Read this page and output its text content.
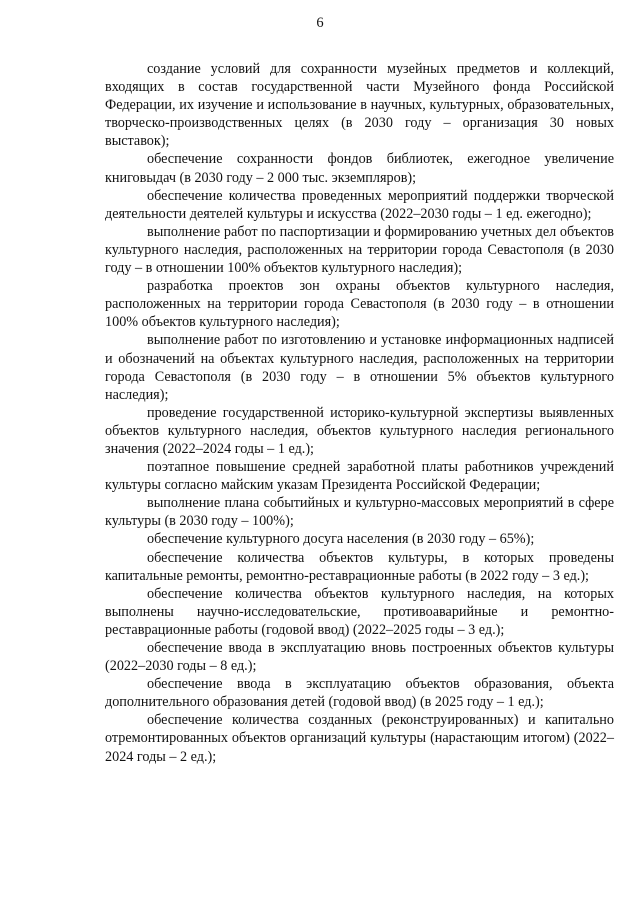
6

создание условий для сохранности музейных предметов и коллекций, входящих в состав государственной части Музейного фонда Российской Федерации, их изучение и использование в научных, культурных, образовательных, творческо-производственных целях (в 2030 году – организация 30 новых выставок);

обеспечение сохранности фондов библиотек, ежегодное увеличение книговыдач (в 2030 году – 2 000 тыс. экземпляров);

обеспечение количества проведенных мероприятий поддержки творческой деятельности деятелей культуры и искусства (2022–2030 годы – 1 ед. ежегодно);

выполнение работ по паспортизации и формированию учетных дел объектов культурного наследия, расположенных на территории города Севастополя (в 2030 году – в отношении 100% объектов культурного наследия);

разработка проектов зон охраны объектов культурного наследия, расположенных на территории города Севастополя (в 2030 году – в отношении 100% объектов культурного наследия);

выполнение работ по изготовлению и установке информационных надписей и обозначений на объектах культурного наследия, расположенных на территории города Севастополя (в 2030 году – в отношении 5% объектов культурного наследия);

проведение государственной историко-культурной экспертизы выявленных объектов культурного наследия, объектов культурного наследия регионального значения (2022–2024 годы – 1 ед.);

поэтапное повышение средней заработной платы работников учреждений культуры согласно майским указам Президента Российской Федерации;

выполнение плана событийных и культурно-массовых мероприятий в сфере культуры (в 2030 году – 100%);

обеспечение культурного досуга населения (в 2030 году – 65%);

обеспечение количества объектов культуры, в которых проведены капитальные ремонты, ремонтно-реставрационные работы (в 2022 году – 3 ед.);

обеспечение количества объектов культурного наследия, на которых выполнены научно-исследовательские, противоаварийные и ремонтно-реставрационные работы (годовой ввод) (2022–2025 годы – 3 ед.);

обеспечение ввода в эксплуатацию вновь построенных объектов культуры (2022–2030 годы – 8 ед.);

обеспечение ввода в эксплуатацию объектов образования, объекта дополнительного образования детей (годовой ввод) (в 2025 году – 1 ед.);

обеспечение количества созданных (реконструированных) и капитально отремонтированных объектов организаций культуры (нарастающим итогом) (2022–2024 годы – 2 ед.);
